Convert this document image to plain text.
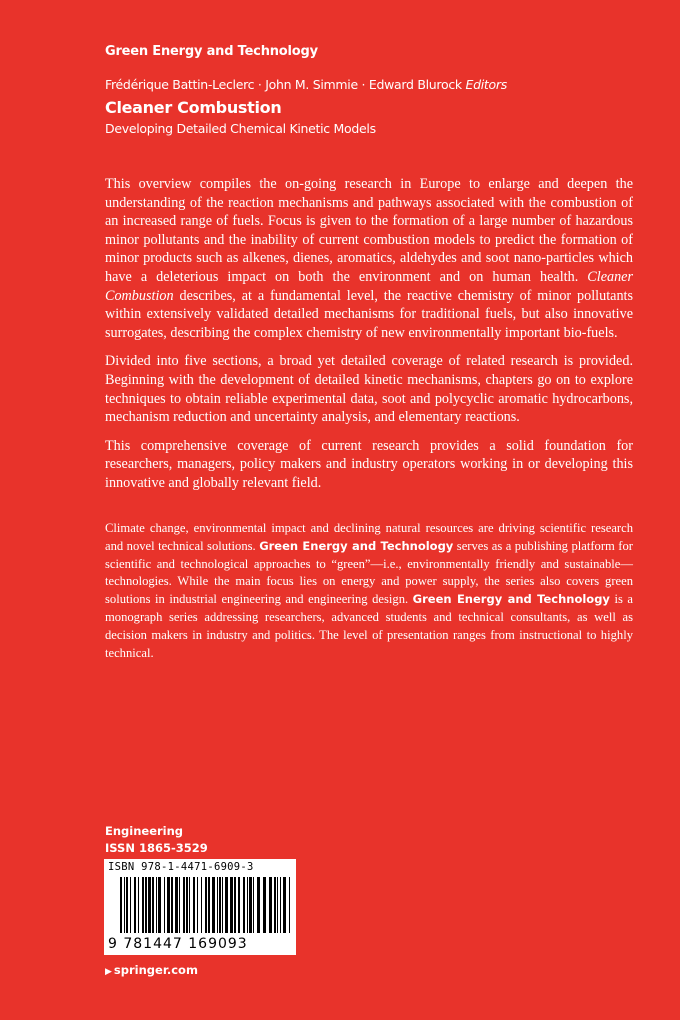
Green Energy and Technology
Frédérique Battin-Leclerc · John M. Simmie · Edward Blurock Editors
Cleaner Combustion
Developing Detailed Chemical Kinetic Models

This overview compiles the on-going research in Europe to enlarge and deepen the understanding of the reaction mechanisms and pathways associated with the combustion of an increased range of fuels. Focus is given to the formation of a large number of hazardous minor pollutants and the inability of current combustion models to predict the formation of minor products such as alkenes, dienes, aromatics, aldehydes and soot nano-particles which have a deleterious impact on both the environment and on human health. Cleaner Combustion describes, at a fundamental level, the reactive chemistry of minor pollutants within extensively validated detailed mechanisms for traditional fuels, but also innovative surrogates, describing the complex chemistry of new environmentally important bio-fuels.

Divided into five sections, a broad yet detailed coverage of related research is provided. Beginning with the development of detailed kinetic mechanisms, chapters go on to explore techniques to obtain reliable experimental data, soot and polycyclic aromatic hydrocarbons, mechanism reduction and uncertainty analysis, and elementary reactions.

This comprehensive coverage of current research provides a solid foundation for researchers, managers, policy makers and industry operators working in or developing this innovative and globally relevant field.

Climate change, environmental impact and declining natural resources are driving scientific research and novel technical solutions. Green Energy and Technology serves as a publishing platform for scientific and technological approaches to “green”—i.e., environmentally friendly and sustainable—technologies. While the main focus lies on energy and power supply, the series also covers green solutions in industrial engineering and engineering design. Green Energy and Technology is a monograph series addressing researchers, advanced students and technical consultants, as well as decision makers in industry and politics. The level of presentation ranges from instructional to highly technical.
Engineering
ISSN 1865-3529
ISBN 978-1-4471-6909-3
9 781447 169093
▶ springer.com
